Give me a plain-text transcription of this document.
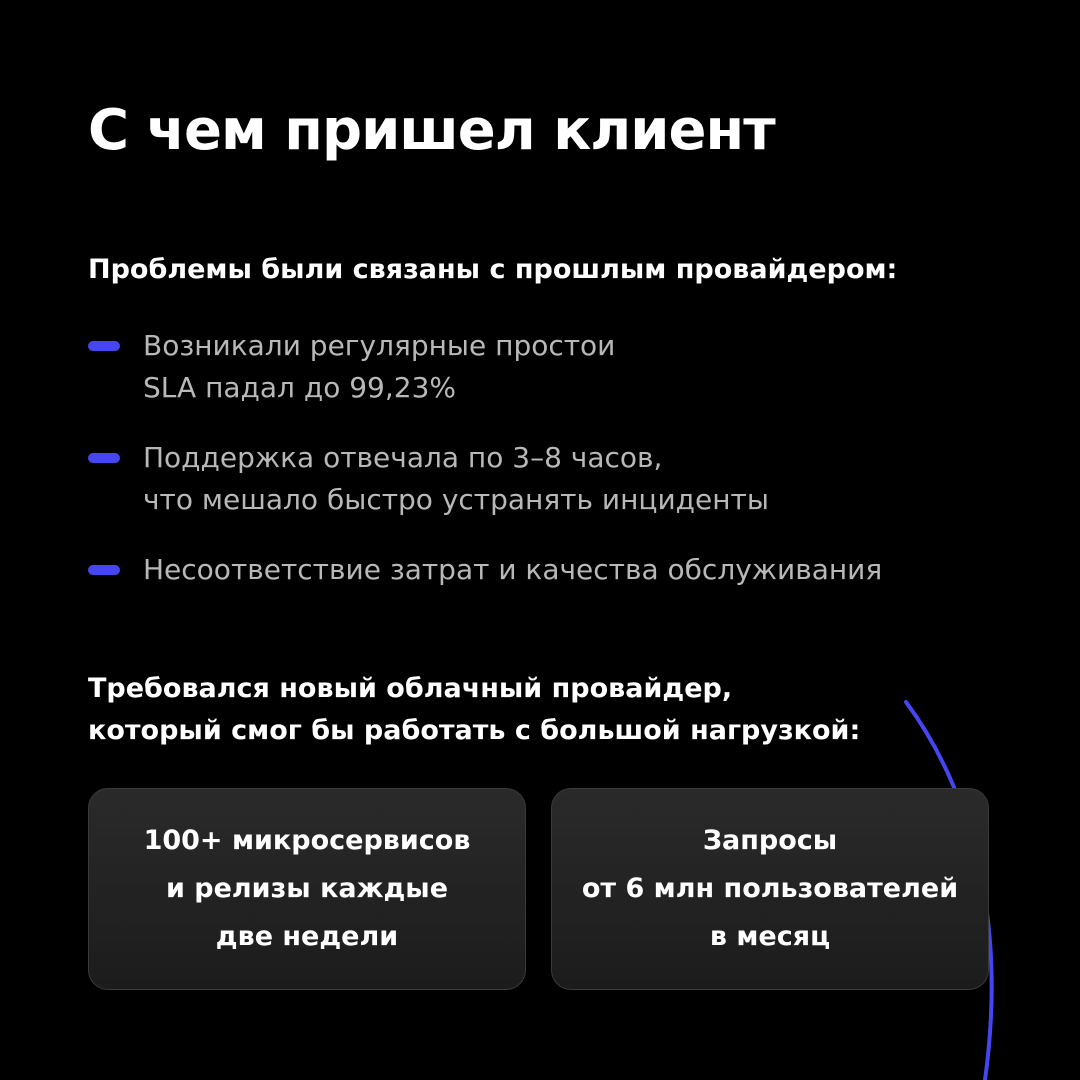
С чем пришел клиент
Проблемы были связаны с прошлым провайдером:
Возникали регулярные простои
SLA падал до 99,23%
Поддержка отвечала по 3–8 часов,
что мешало быстро устранять инциденты
Несоответствие затрат и качества обслуживания
Требовался новый облачный провайдер,
который смог бы работать с большой нагрузкой:
100+ микросервисов
и релизы каждые
две недели
Запросы
от 6 млн пользователей
в месяц
